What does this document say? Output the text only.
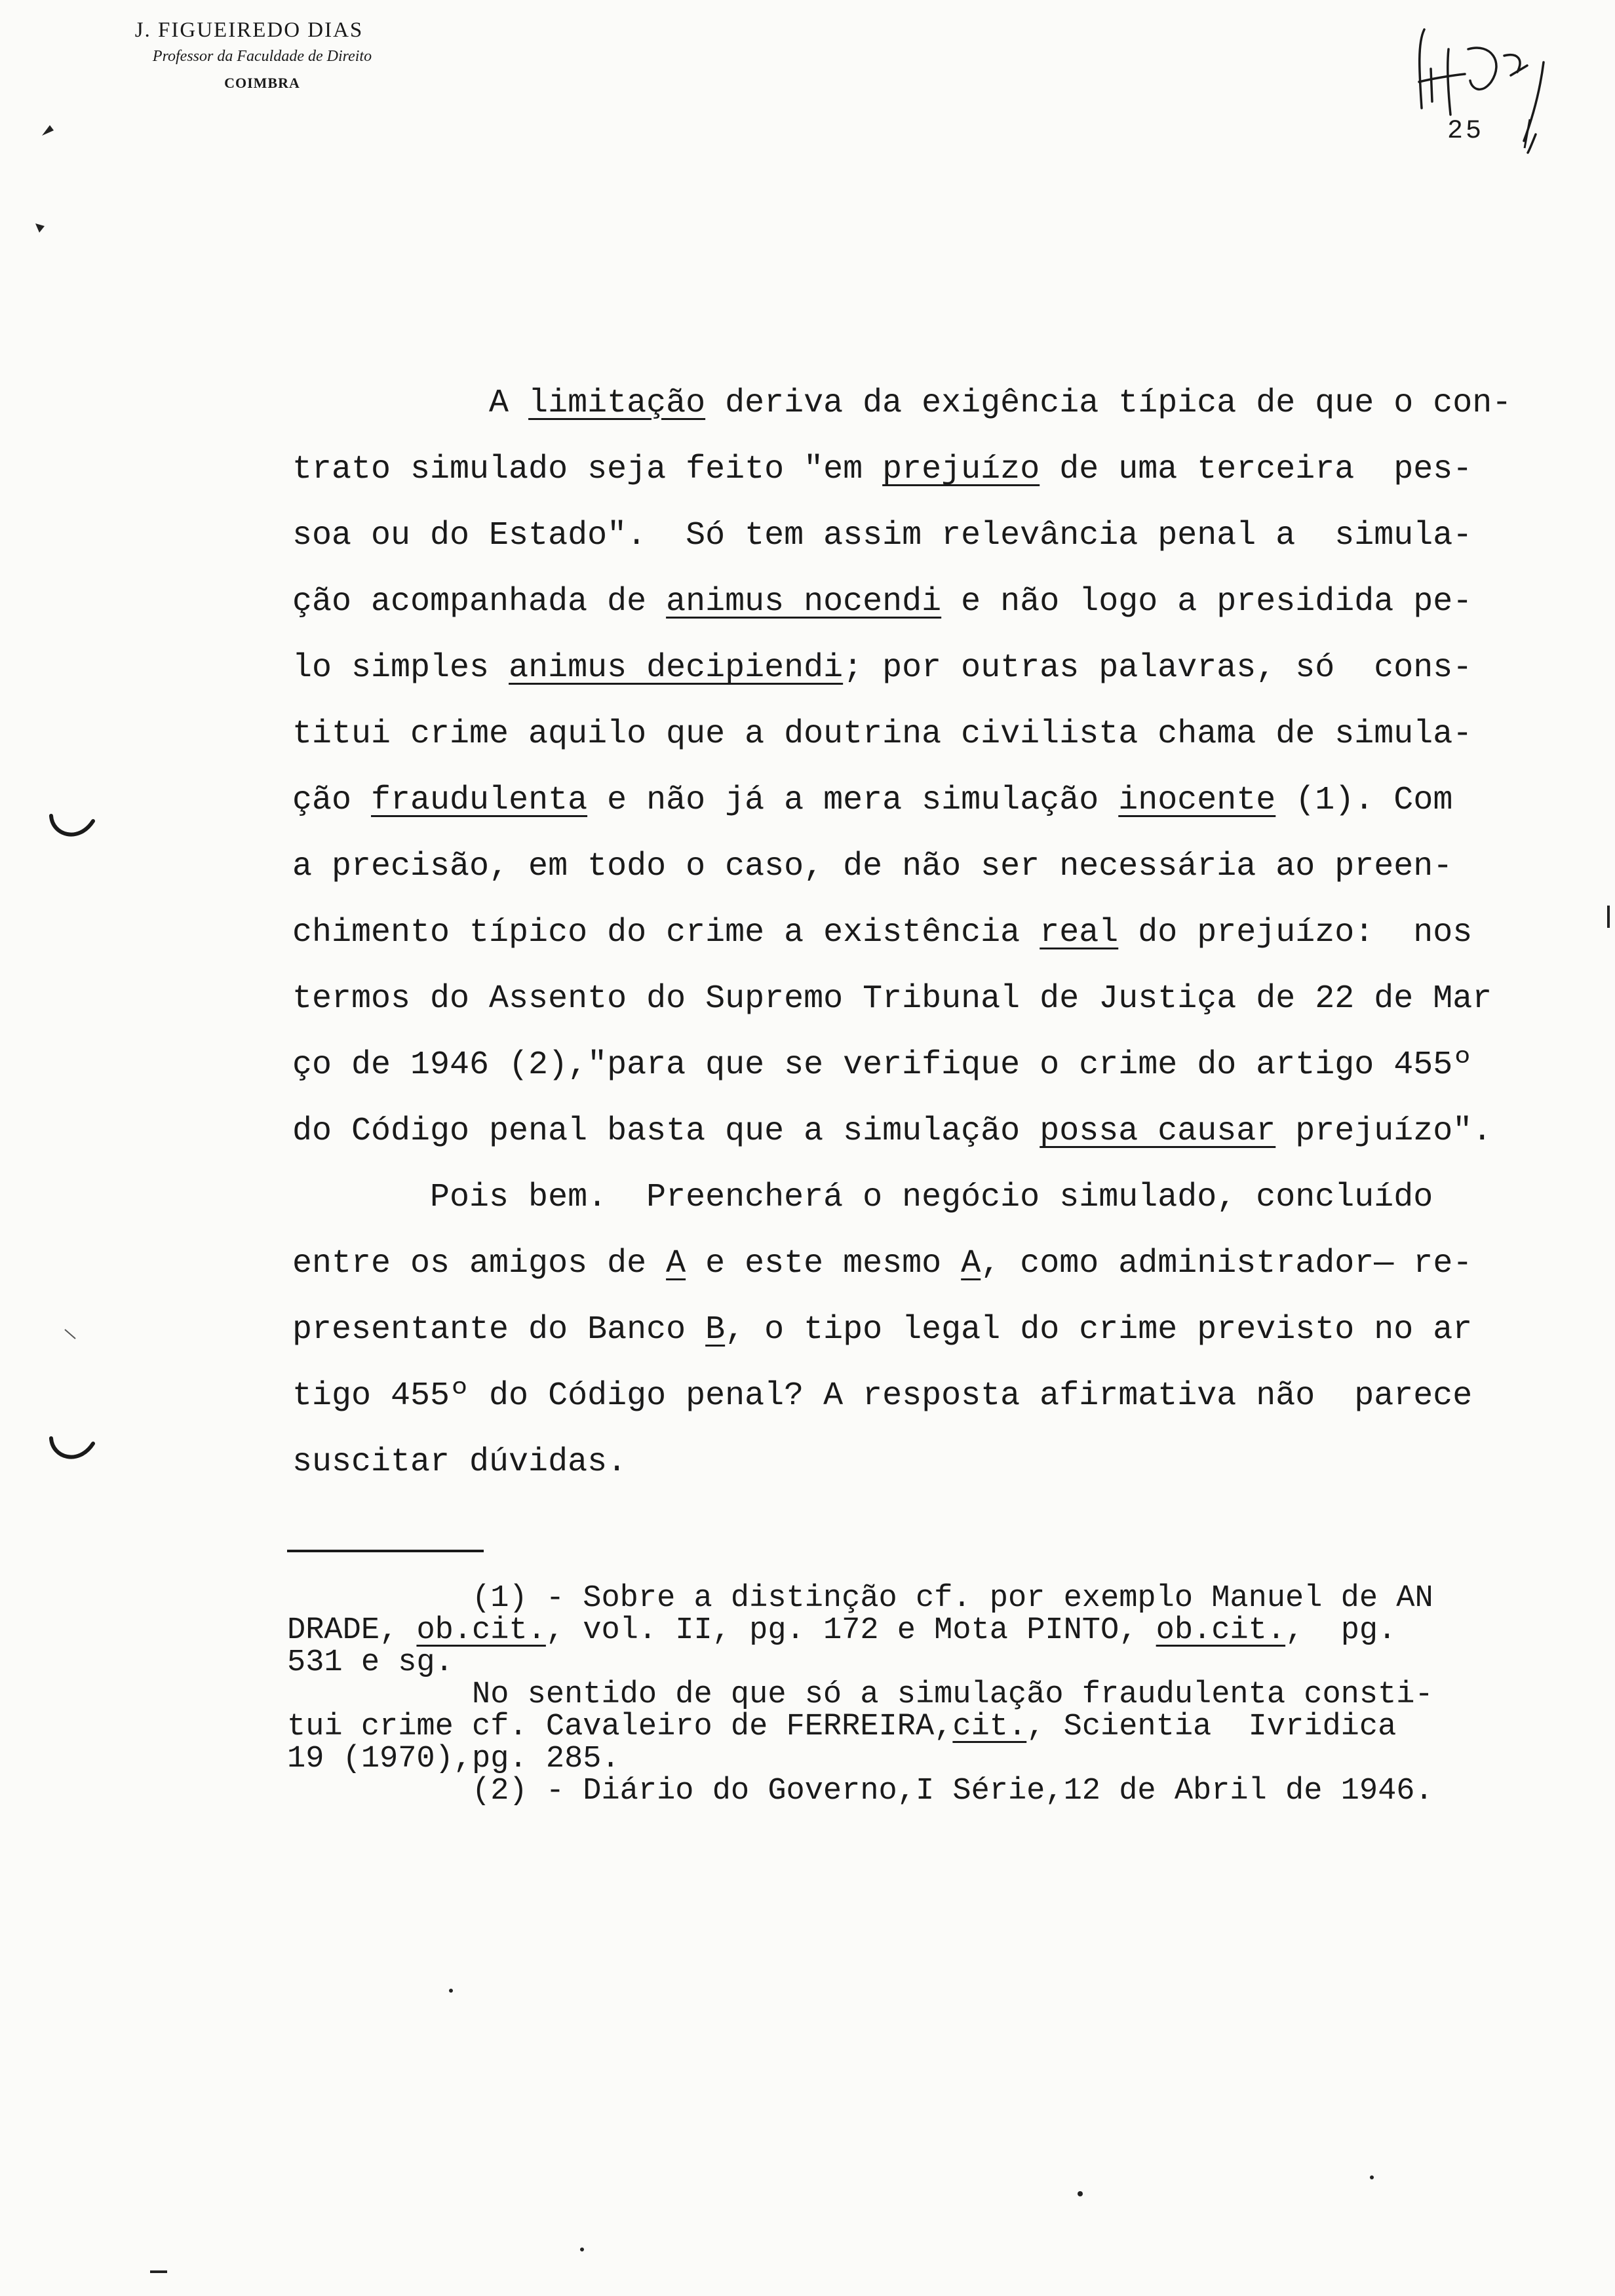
J. FIGUEIREDO DIAS
Professor da Faculdade de Direito
COIMBRA
25
A limitação deriva da exigência típica de que o con-
trato simulado seja feito "em prejuízo de uma terceira  pes-
soa ou do Estado".  Só tem assim relevância penal a  simula-
ção acompanhada de animus nocendi e não logo a presidida pe-
lo simples animus decipiendi; por outras palavras, só  cons-
titui crime aquilo que a doutrina civilista chama de simula-
ção fraudulenta e não já a mera simulação inocente (1). Com
a precisão, em todo o caso, de não ser necessária ao preen-
chimento típico do crime a existência real do prejuízo:  nos
termos do Assento do Supremo Tribunal de Justiça de 22 de Mar
ço de 1946 (2),"para que se verifique o crime do artigo 455º
do Código penal basta que a simulação possa causar prejuízo".
Pois bem.  Preencherá o negócio simulado, concluído
entre os amigos de A e este mesmo A, como administrador— re-
presentante do Banco B, o tipo legal do crime previsto no ar
tigo 455º do Código penal? A resposta afirmativa não  parece
suscitar dúvidas.
(1) - Sobre a distinção cf. por exemplo Manuel de AN
DRADE, ob.cit., vol. II, pg. 172 e Mota PINTO, ob.cit.,  pg.
531 e sg.
No sentido de que só a simulação fraudulenta consti-
tui crime cf. Cavaleiro de FERREIRA,cit., Scientia  Ivridica
19 (1970),pg. 285.
(2) - Diário do Governo,I Série,12 de Abril de 1946.
